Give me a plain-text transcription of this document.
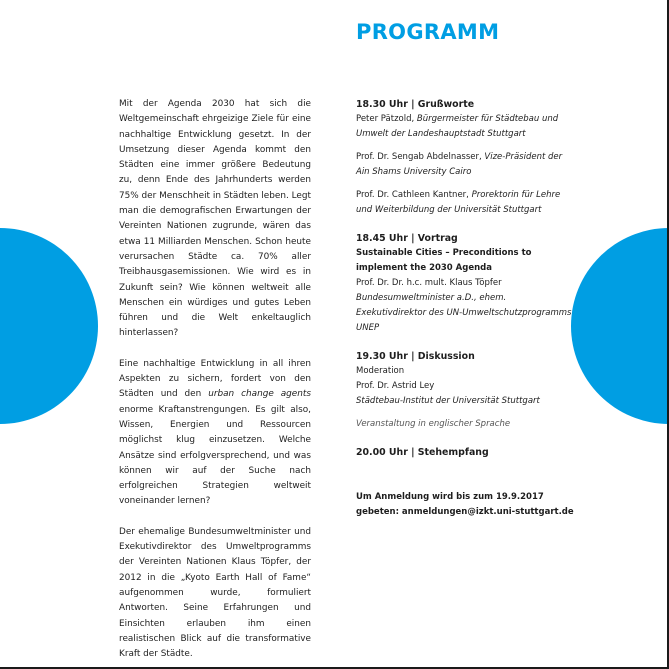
PROGRAMM

Mit der Agenda 2030 hat sich die Weltgemeinschaft ehrgeizige Ziele für eine nachhaltige Entwicklung gesetzt. In der Umsetzung dieser Agenda kommt den Städten eine immer größere Bedeutung zu, denn Ende des Jahrhunderts werden 75% der Menschheit in Städten leben. Legt man die demografischen Erwartungen der Vereinten Nationen zugrunde, wären das etwa 11 Milliarden Menschen. Schon heute verursachen Städte ca. 70% aller Treibhausgasemissionen. Wie wird es in Zukunft sein? Wie können weltweit alle Menschen ein würdiges und gutes Leben führen und die Welt enkeltauglich hinterlassen?

Eine nachhaltige Entwicklung in all ihren Aspekten zu sichern, fordert von den Städten und den urban change agents enorme Kraftanstrengungen. Es gilt also, Wissen, Energien und Ressourcen möglichst klug einzusetzen. Welche Ansätze sind erfolgversprechend, und was können wir auf der Suche nach erfolgreichen Strategien weltweit voneinander lernen?

Der ehemalige Bundesumweltminister und Exekutivdirektor des Umweltprogramms der Vereinten Nationen Klaus Töpfer, der 2012 in die „Kyoto Earth Hall of Fame“ aufgenommen wurde, formuliert Antworten. Seine Erfahrungen und Einsichten erlauben ihm einen realistischen Blick auf die transformative Kraft der Städte.

18.30 Uhr | Grußworte

Peter Pätzold, Bürgermeister für Städtebau und Umwelt der Landeshauptstadt Stuttgart

Prof. Dr. Sengab Abdelnasser, Vize-Präsident der Ain Shams University Cairo

Prof. Dr. Cathleen Kantner, Prorektorin für Lehre und Weiterbildung der Universität Stuttgart

18.45 Uhr | Vortrag

Sustainable Cities – Preconditions to implement the 2030 Agenda

Prof. Dr. Dr. h.c. mult. Klaus Töpfer

Bundesumweltminister a.D., ehem. Exekutivdirektor des UN-Umweltschutzprogramms UNEP

19.30 Uhr | Diskussion

Moderation

Prof. Dr. Astrid Ley

Städtebau-Institut der Universität Stuttgart

Veranstaltung in englischer Sprache

20.00 Uhr | Stehempfang

Um Anmeldung wird bis zum 19.9.2017 gebeten: anmeldungen@izkt.uni-stuttgart.de
